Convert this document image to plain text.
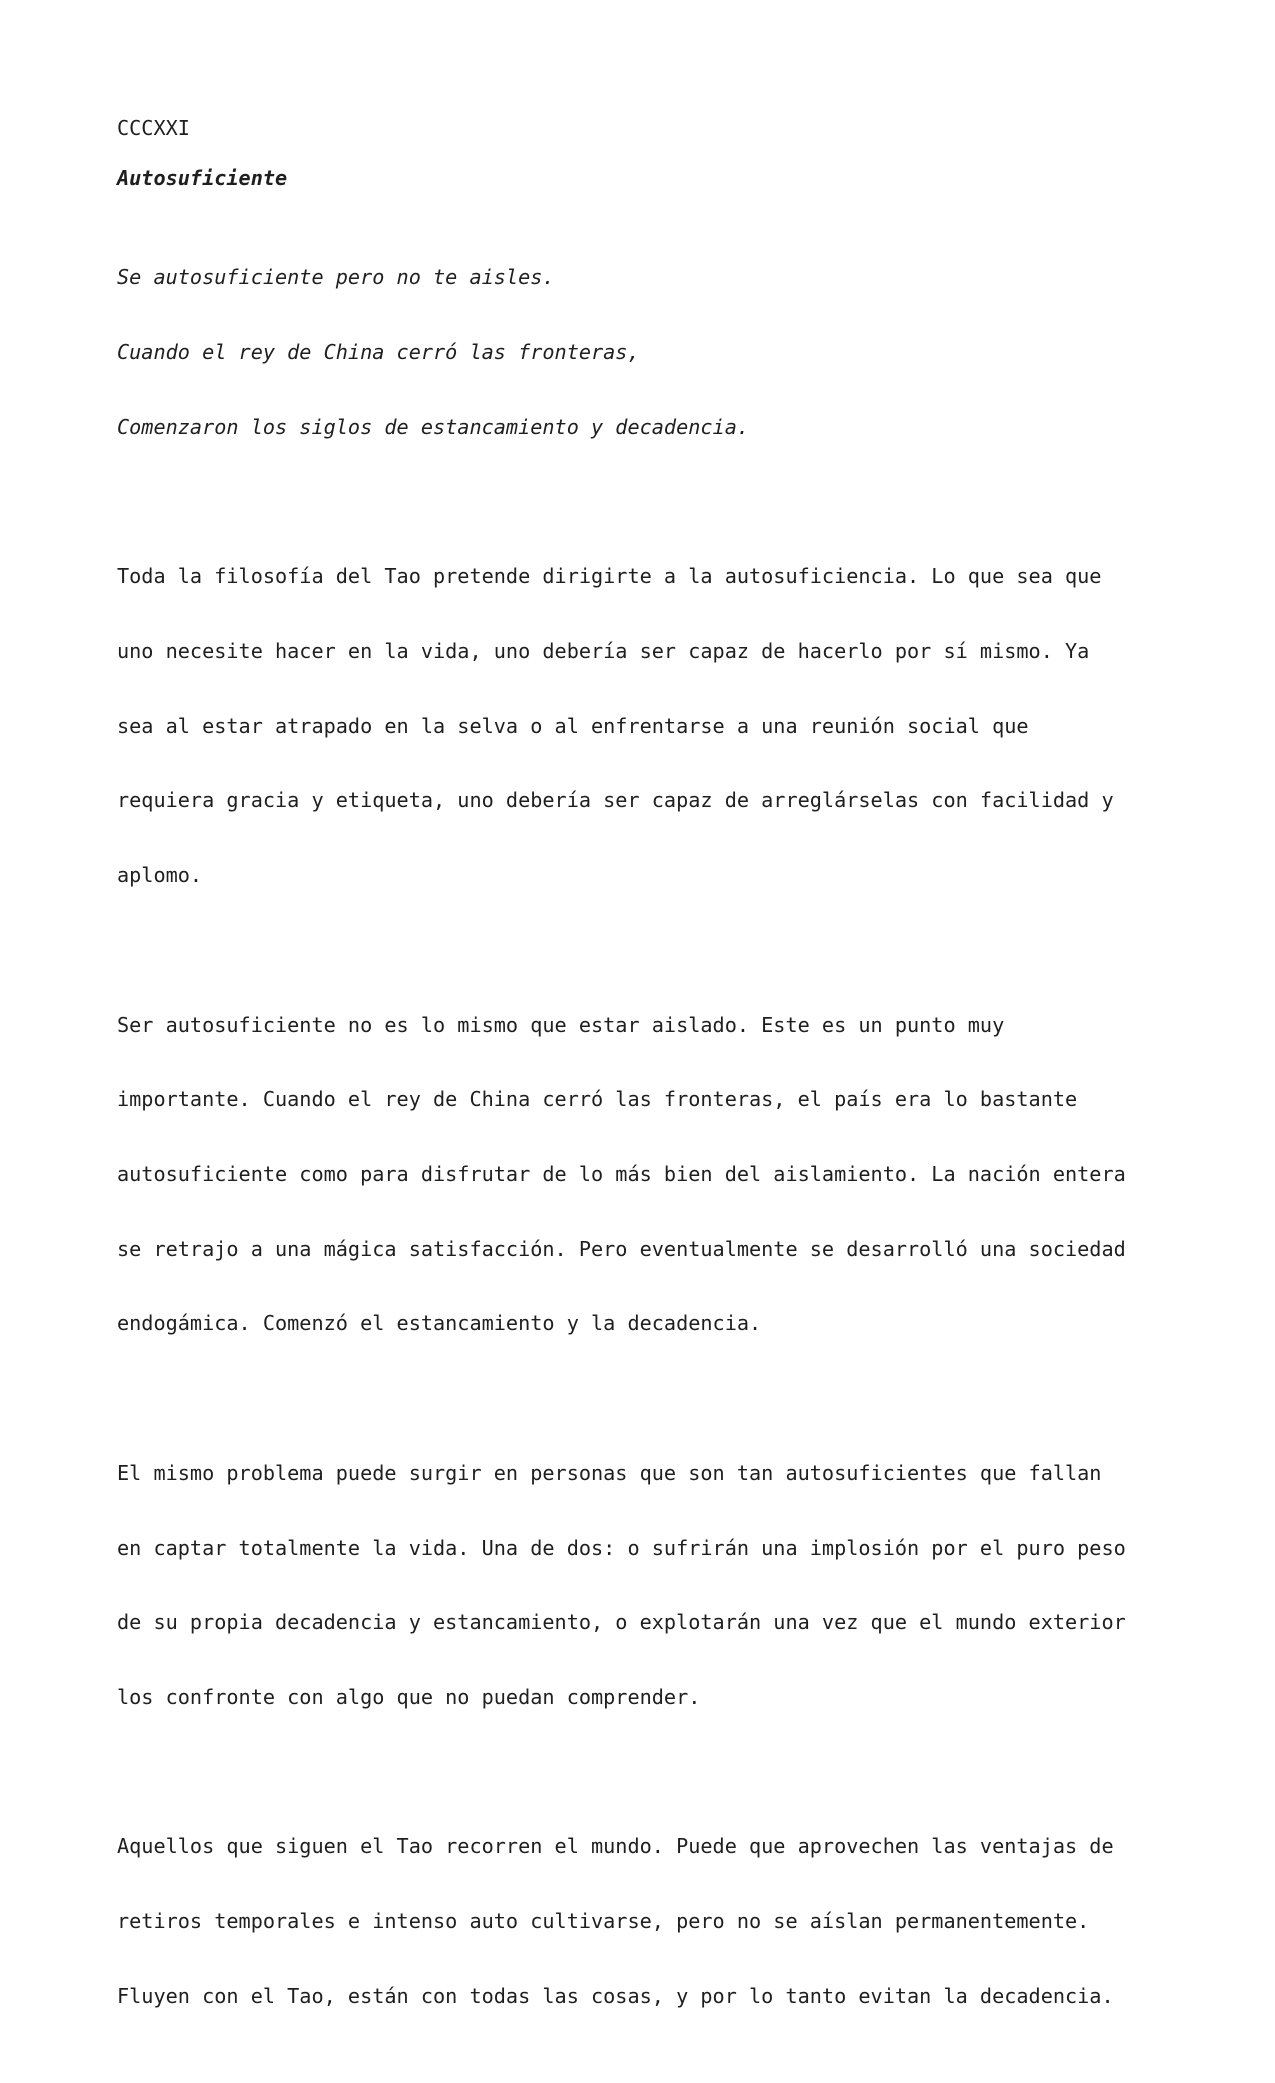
CCCXXI
Autosuficiente

Se autosuficiente pero no te aisles.

Cuando el rey de China cerró las fronteras,

Comenzaron los siglos de estancamiento y decadencia.

Toda la filosofía del Tao pretende dirigirte a la autosuficiencia. Lo que sea que

uno necesite hacer en la vida, uno debería ser capaz de hacerlo por sí mismo. Ya

sea al estar atrapado en la selva o al enfrentarse a una reunión social que

requiera gracia y etiqueta, uno debería ser capaz de arreglárselas con facilidad y

aplomo.

Ser autosuficiente no es lo mismo que estar aislado. Este es un punto muy

importante. Cuando el rey de China cerró las fronteras, el país era lo bastante

autosuficiente como para disfrutar de lo más bien del aislamiento. La nación entera

se retrajo a una mágica satisfacción. Pero eventualmente se desarrolló una sociedad

endogámica. Comenzó el estancamiento y la decadencia.

El mismo problema puede surgir en personas que son tan autosuficientes que fallan

en captar totalmente la vida. Una de dos: o sufrirán una implosión por el puro peso

de su propia decadencia y estancamiento, o explotarán una vez que el mundo exterior

los confronte con algo que no puedan comprender.

Aquellos que siguen el Tao recorren el mundo. Puede que aprovechen las ventajas de

retiros temporales e intenso auto cultivarse, pero no se aíslan permanentemente.

Fluyen con el Tao, están con todas las cosas, y por lo tanto evitan la decadencia.
